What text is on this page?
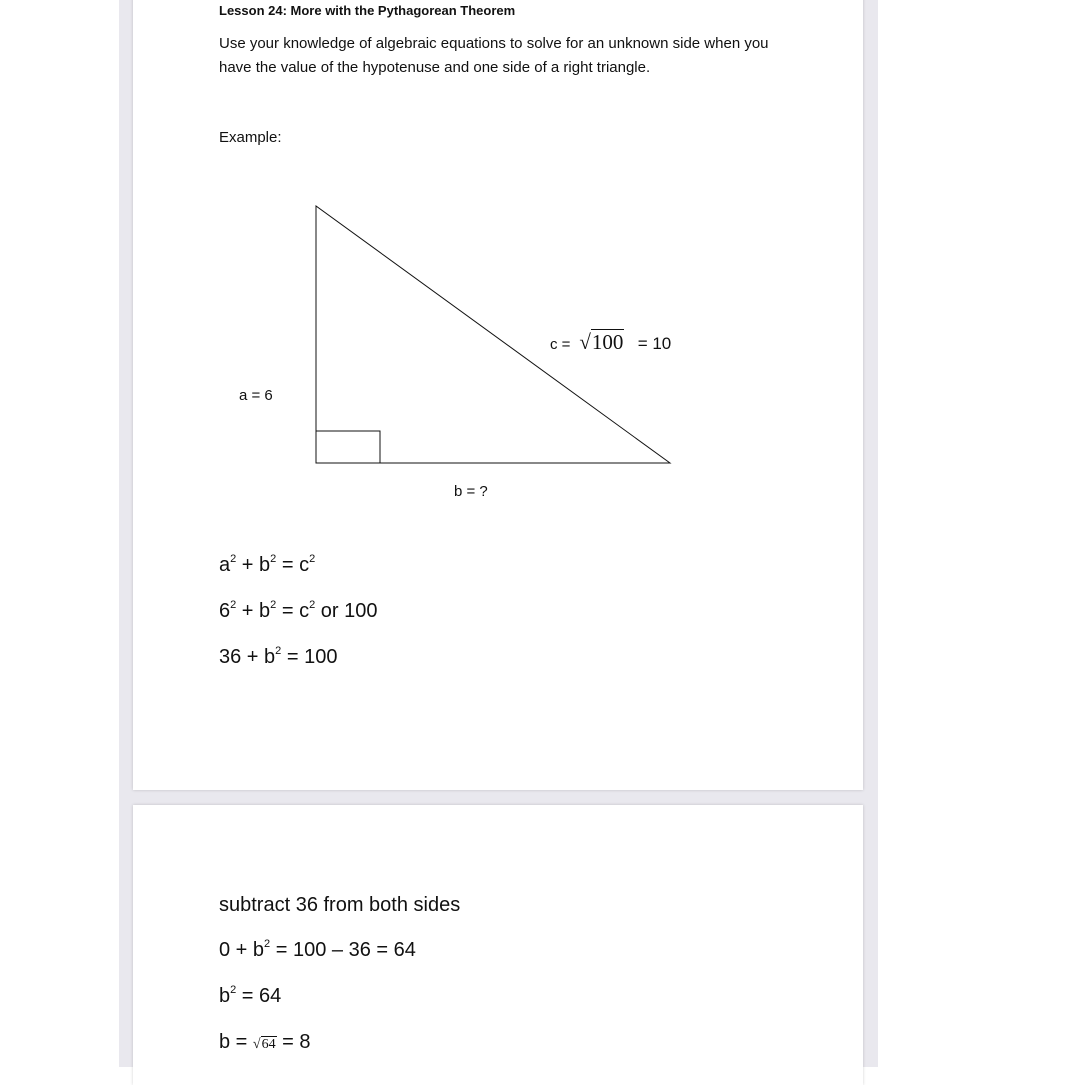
Lesson 24: More with the Pythagorean Theorem
Use your knowledge of algebraic equations to solve for an unknown side when you have the value of the hypotenuse and one side of a right triangle.
Example:
a = 6
b = ?
c = √100 = 10
$a^2 + b^2 = c^2$
$6^2 + b^2 = c^2$ or 100
$36 + b^2 = 100$
subtract 36 from both sides
$0 + b^2 = 100 - 36 = 64$
$b^2 = 64$
b = √64 = 8
